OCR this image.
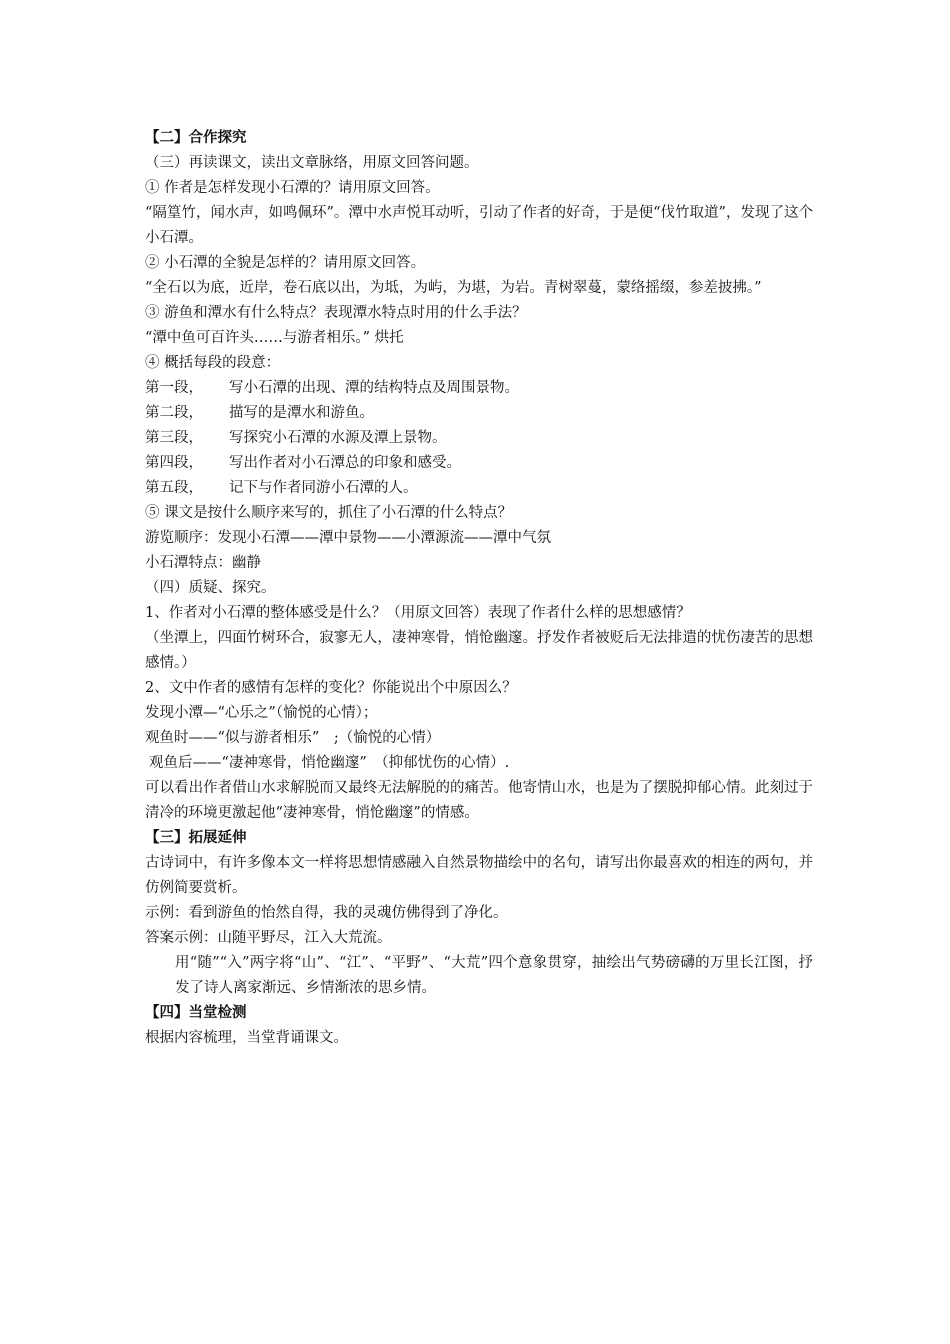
【二】合作探究
（三）再读课文，读出文章脉络，用原文回答问题。
① 作者是怎样发现小石潭的？请用原文回答。
“隔篁竹，闻水声，如鸣佩环”。潭中水声悦耳动听，引动了作者的好奇，于是便“伐竹取道”，发现了这个小石潭。
② 小石潭的全貌是怎样的？请用原文回答。
“全石以为底，近岸，卷石底以出，为坻，为屿，为堪，为岩。青树翠蔓，蒙络摇缀，参差披拂。”
③ 游鱼和潭水有什么特点？表现潭水特点时用的什么手法？
“潭中鱼可百许头……与游者相乐。” 烘托
④ 概括每段的段意：
第一段， 写小石潭的出现、潭的结构特点及周围景物。
第二段， 描写的是潭水和游鱼。
第三段， 写探究小石潭的水源及潭上景物。
第四段， 写出作者对小石潭总的印象和感受。
第五段， 记下与作者同游小石潭的人。
⑤ 课文是按什么顺序来写的，抓住了小石潭的什么特点？
游览顺序：发现小石潭——潭中景物——小潭源流——潭中气氛
小石潭特点：幽静
（四）质疑、探究。
1、作者对小石潭的整体感受是什么？（用原文回答）表现了作者什么样的思想感情？
（坐潭上，四面竹树环合，寂寥无人，凄神寒骨，悄怆幽邃。抒发作者被贬后无法排遣的忧伤凄苦的思想感情。）
2、文中作者的感情有怎样的变化？你能说出个中原因么？
发现小潭—“心乐之”（愉悦的心情）；
观鱼时——“似与游者相乐”　;（愉悦的心情）
观鱼后——“凄神寒骨，悄怆幽邃”　（抑郁忧伤的心情）.
可以看出作者借山水求解脱而又最终无法解脱的的痛苦。他寄情山水，也是为了摆脱抑郁心情。此刻过于清冷的环境更激起他“凄神寒骨，悄怆幽邃”的情感。
【三】拓展延伸
古诗词中，有许多像本文一样将思想情感融入自然景物描绘中的名句，请写出你最喜欢的相连的两句，并仿例简要赏析。
示例：看到游鱼的怡然自得，我的灵魂仿佛得到了净化。
答案示例：山随平野尽，江入大荒流。
用“随”“入”两字将“山”、“江”、“平野”、“大荒”四个意象贯穿，抽绘出气势磅礴的万里长江图，抒发了诗人离家渐远、乡情渐浓的思乡情。
【四】当堂检测
根据内容梳理，当堂背诵课文。
